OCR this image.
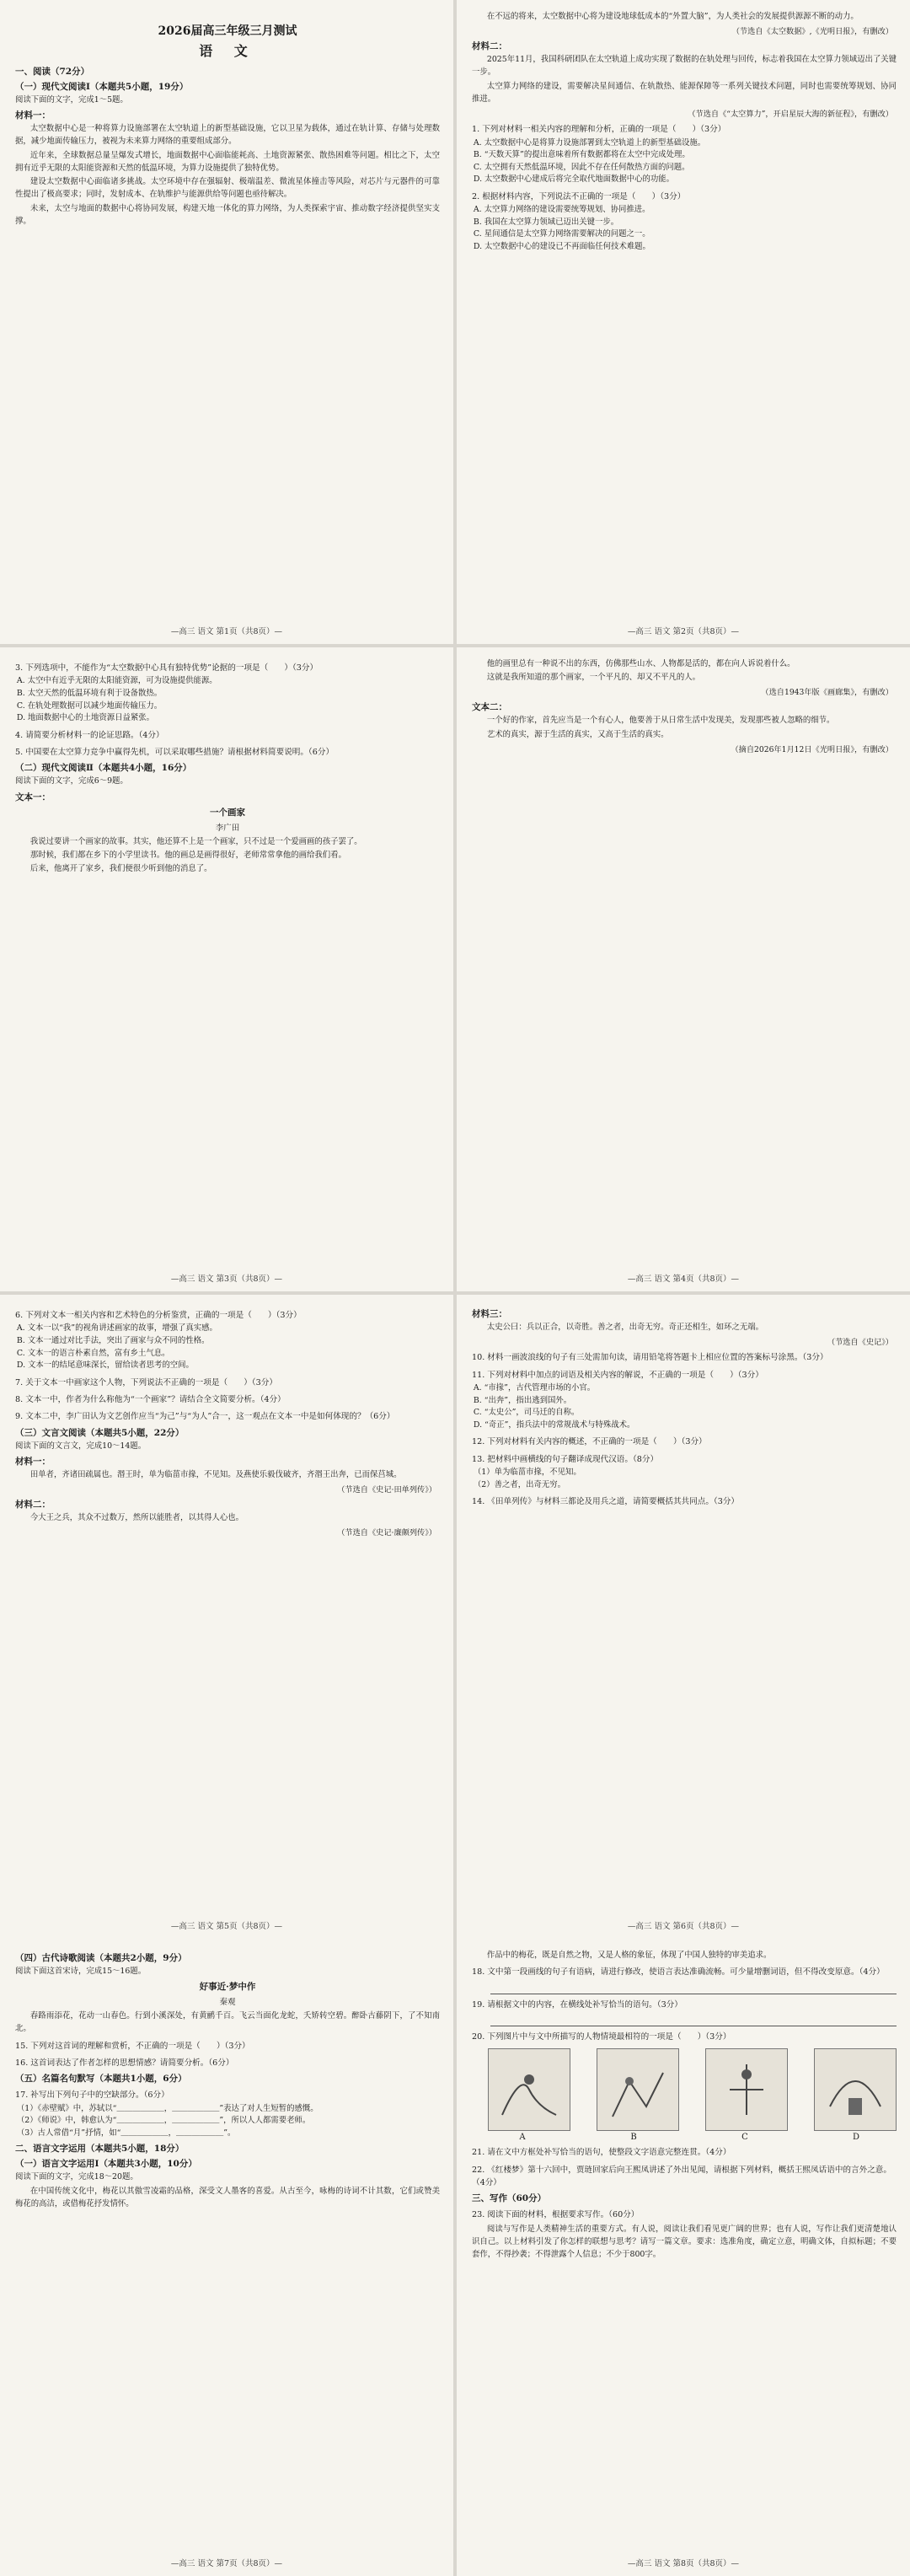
2026届高三年级三月测试
语 文
一、阅读（72分）
（一）现代文阅读Ⅰ（本题共5小题，19分）

阅读下面的文字，完成1～5题。

材料一：

太空数据中心是一种将算力设施部署在太空轨道上的新型基础设施，它以卫星为载体，通过在轨计算、存储与处理数据，减少地面传输压力，被视为未来算力网络的重要组成部分。

近年来，全球数据总量呈爆发式增长，地面数据中心面临能耗高、土地资源紧张、散热困难等问题。相比之下，太空拥有近乎无限的太阳能资源和天然的低温环境，为算力设施提供了独特优势。

建设太空数据中心面临诸多挑战。太空环境中存在强辐射、极端温差、微流星体撞击等风险，对芯片与元器件的可靠性提出了极高要求；同时，发射成本、在轨维护与能源供给等问题也亟待解决。

未来，太空与地面的数据中心将协同发展，构建天地一体化的算力网络，为人类探索宇宙、推动数字经济提供坚实支撑。

—高三 语文 第1页（共8页）—

在不远的将来，太空数据中心将为建设地球低成本的“外置大脑”，为人类社会的发展提供源源不断的动力。

（节选自《太空数据》,《光明日报》，有删改）
材料二：

2025年11月，我国科研团队在太空轨道上成功实现了数据的在轨处理与回传，标志着我国在太空算力领域迈出了关键一步。

太空算力网络的建设，需要解决星间通信、在轨散热、能源保障等一系列关键技术问题，同时也需要统筹规划、协同推进。

（节选自《“太空算力”，开启星辰大海的新征程》，有删改）
1. 下列对材料一相关内容的理解和分析，正确的一项是（　　）（3分）
A. 太空数据中心是将算力设施部署到太空轨道上的新型基础设施。
B. “天数天算”的提出意味着所有数据都将在太空中完成处理。
C. 太空拥有天然低温环境，因此不存在任何散热方面的问题。
D. 太空数据中心建成后将完全取代地面数据中心的功能。
2. 根据材料内容，下列说法不正确的一项是（　　）（3分）
A. 太空算力网络的建设需要统筹规划、协同推进。
B. 我国在太空算力领域已迈出关键一步。
C. 星间通信是太空算力网络需要解决的问题之一。
D. 太空数据中心的建设已不再面临任何技术难题。
—高三 语文 第2页（共8页）—
3. 下列选项中，不能作为“太空数据中心具有独特优势”论据的一项是（　　）（3分）
A. 太空中有近乎无限的太阳能资源，可为设施提供能源。
B. 太空天然的低温环境有利于设备散热。
C. 在轨处理数据可以减少地面传输压力。
D. 地面数据中心的土地资源日益紧张。
4. 请简要分析材料一的论证思路。（4分）
5. 中国要在太空算力竞争中赢得先机，可以采取哪些措施？请根据材料简要说明。（6分）
（二）现代文阅读Ⅱ（本题共4小题，16分）

阅读下面的文字，完成6～9题。

文本一：
一个画家
李广田

我说过要讲一个画家的故事。其实，他还算不上是一个画家，只不过是一个爱画画的孩子罢了。

那时候，我们都在乡下的小学里读书。他的画总是画得很好，老师常常拿他的画给我们看。

后来，他离开了家乡，我们便很少听到他的消息了。

—高三 语文 第3页（共8页）—

他的画里总有一种说不出的东西，仿佛那些山水、人物都是活的，都在向人诉说着什么。

这就是我所知道的那个画家，一个平凡的、却又不平凡的人。

（选自1943年版《画廊集》，有删改）
文本二：

一个好的作家，首先应当是一个有心人，他要善于从日常生活中发现美，发现那些被人忽略的细节。

艺术的真实，源于生活的真实，又高于生活的真实。

（摘自2026年1月12日《光明日报》，有删改）
—高三 语文 第4页（共8页）—
6. 下列对文本一相关内容和艺术特色的分析鉴赏，正确的一项是（　　）（3分）
A. 文本一以“我”的视角讲述画家的故事，增强了真实感。
B. 文本一通过对比手法，突出了画家与众不同的性格。
C. 文本一的语言朴素自然，富有乡土气息。
D. 文本一的结尾意味深长，留给读者思考的空间。
7. 关于文本一中画家这个人物，下列说法不正确的一项是（　　）（3分）
8. 文本一中，作者为什么称他为“一个画家”？请结合全文简要分析。（4分）
9. 文本二中，李广田认为文艺创作应当“为己”与“为人”合一，这一观点在文本一中是如何体现的？（6分）
（三）文言文阅读（本题共5小题，22分）

阅读下面的文言文，完成10～14题。

材料一：

田单者，齐诸田疏属也。湣王时，单为临菑市掾，不见知。及燕使乐毅伐破齐，齐湣王出奔，已而保莒城。

（节选自《史记·田单列传》）
材料二：

今大王之兵，其众不过数万，然所以能胜者，以其得人心也。

（节选自《史记·廉颇列传》）
—高三 语文 第5页（共8页）—
材料三：

太史公曰：兵以正合，以奇胜。善之者，出奇无穷。奇正还相生，如环之无端。

（节选自《史记》）
10. 材料一画波浪线的句子有三处需加句读，请用铅笔将答题卡上相应位置的答案标号涂黑。（3分）
11. 下列对材料中加点的词语及相关内容的解说，不正确的一项是（　　）（3分）
A. “市掾”，古代管理市场的小官。
B. “出奔”，指出逃到国外。
C. “太史公”，司马迁的自称。
D. “奇正”，指兵法中的常规战术与特殊战术。
12. 下列对材料有关内容的概述，不正确的一项是（　　）（3分）
13. 把材料中画横线的句子翻译成现代汉语。（8分）
（1）单为临菑市掾，不见知。
（2）善之者，出奇无穷。
14. 《田单列传》与材料三都论及用兵之道，请简要概括其共同点。（3分）
—高三 语文 第6页（共8页）—
（四）古代诗歌阅读（本题共2小题，9分）

阅读下面这首宋诗，完成15～16题。

好事近·梦中作
秦观

春路雨添花，花动一山春色。行到小溪深处，有黄鹂千百。飞云当面化龙蛇，夭矫转空碧。醉卧古藤阴下，了不知南北。

15. 下列对这首词的理解和赏析，不正确的一项是（　　）（3分）
16. 这首词表达了作者怎样的思想情感？请简要分析。（6分）
（五）名篇名句默写（本题共1小题，6分）
17. 补写出下列句子中的空缺部分。（6分）
（1）《赤壁赋》中，苏轼以“＿＿＿＿＿＿，＿＿＿＿＿＿”表达了对人生短暂的感慨。
（2）《师说》中，韩愈认为“＿＿＿＿＿＿，＿＿＿＿＿＿”，所以人人都需要老师。
（3）古人常借“月”抒情，如“＿＿＿＿＿＿，＿＿＿＿＿＿”。
二、语言文字运用（本题共5小题，18分）
（一）语言文字运用Ⅰ（本题共3小题，10分）

阅读下面的文字，完成18～20题。

在中国传统文化中，梅花以其傲雪凌霜的品格，深受文人墨客的喜爱。从古至今，咏梅的诗词不计其数，它们或赞美梅花的高洁，或借梅花抒发情怀。

—高三 语文 第7页（共8页）—

作品中的梅花，既是自然之物，又是人格的象征，体现了中国人独特的审美追求。

18. 文中第一段画线的句子有语病，请进行修改，使语言表达准确流畅。可少量增删词语，但不得改变原意。（4分）
19. 请根据文中的内容，在横线处补写恰当的语句。（3分）
20. 下列图片中与文中所描写的人物情境最相符的一项是（　　）（3分）
A	B	C	D
21. 请在文中方框处补写恰当的语句，使整段文字语意完整连贯。（4分）
22. 《红楼梦》第十六回中，贾琏回家后向王熙凤讲述了外出见闻，请根据下列材料，概括王熙凤话语中的言外之意。（4分）
三、写作（60分）
23. 阅读下面的材料，根据要求写作。（60分）

阅读与写作是人类精神生活的重要方式。有人说，阅读让我们看见更广阔的世界；也有人说，写作让我们更清楚地认识自己。以上材料引发了你怎样的联想与思考？请写一篇文章。要求：选准角度，确定立意，明确文体，自拟标题；不要套作，不得抄袭；不得泄露个人信息；不少于800字。

—高三 语文 第8页（共8页）—
